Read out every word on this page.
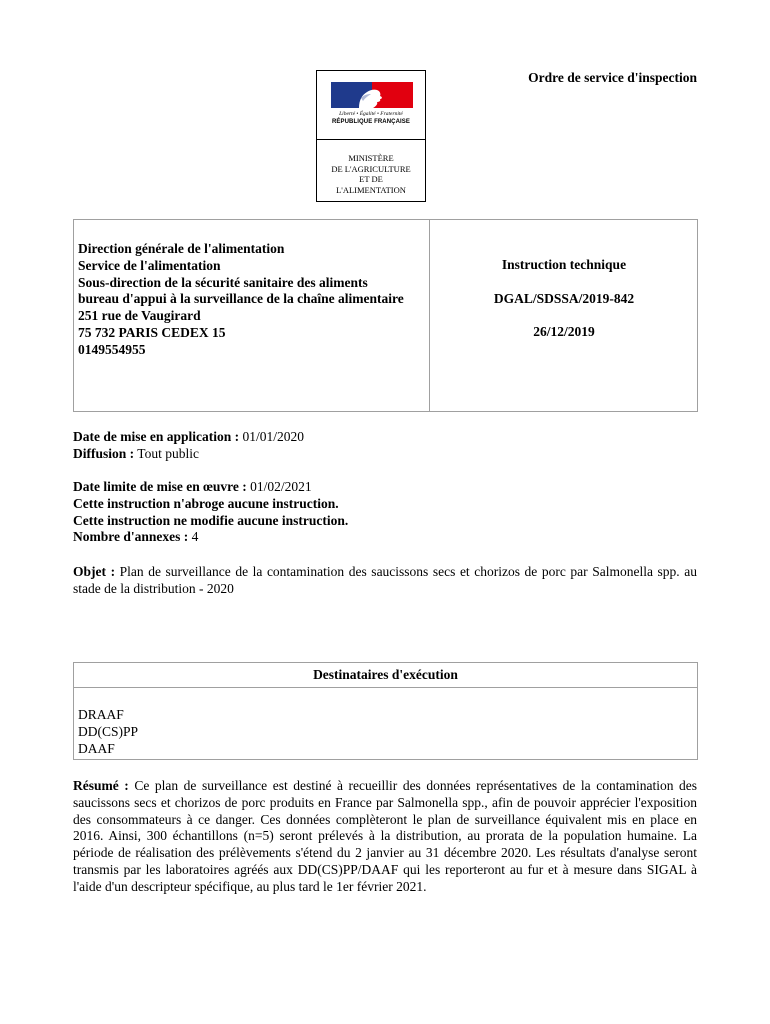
Liberté • Égalité • Fraternité
RÉPUBLIQUE FRANÇAISE
MINISTÈRE
DE L'AGRICULTURE
ET DE
L'ALIMENTATION
Ordre de service d'inspection
Direction générale de l'alimentation
Service de l'alimentation
Sous-direction de la sécurité sanitaire des aliments
bureau d'appui à la surveillance de la chaîne alimentaire
251 rue de Vaugirard
75 732 PARIS CEDEX 15
0149554955
Instruction technique
DGAL/SDSSA/2019-842
26/12/2019
Date de mise en application : 01/01/2020
Diffusion : Tout public
Date limite de mise en œuvre : 01/02/2021
Cette instruction n'abroge aucune instruction.
Cette instruction ne modifie aucune instruction.
Nombre d'annexes : 4
Objet : Plan de surveillance de la contamination des saucissons secs et chorizos de porc par Salmonella spp. au stade de la distribution - 2020
Destinataires d'exécution
DRAAF
DD(CS)PP
DAAF
Résumé : Ce plan de surveillance est destiné à recueillir des données représentatives de la contamination des saucissons secs et chorizos de porc produits en France par Salmonella spp., afin de pouvoir apprécier l'exposition des consommateurs à ce danger. Ces données complèteront le plan de surveillance équivalent mis en place en 2016. Ainsi, 300 échantillons (n=5) seront prélevés à la distribution, au prorata de la population humaine. La période de réalisation des prélèvements s'étend du 2 janvier au 31 décembre 2020. Les résultats d'analyse seront transmis par les laboratoires agréés aux DD(CS)PP/DAAF qui les reporteront au fur et à mesure dans SIGAL à l'aide d'un descripteur spécifique, au plus tard le 1er février 2021.
